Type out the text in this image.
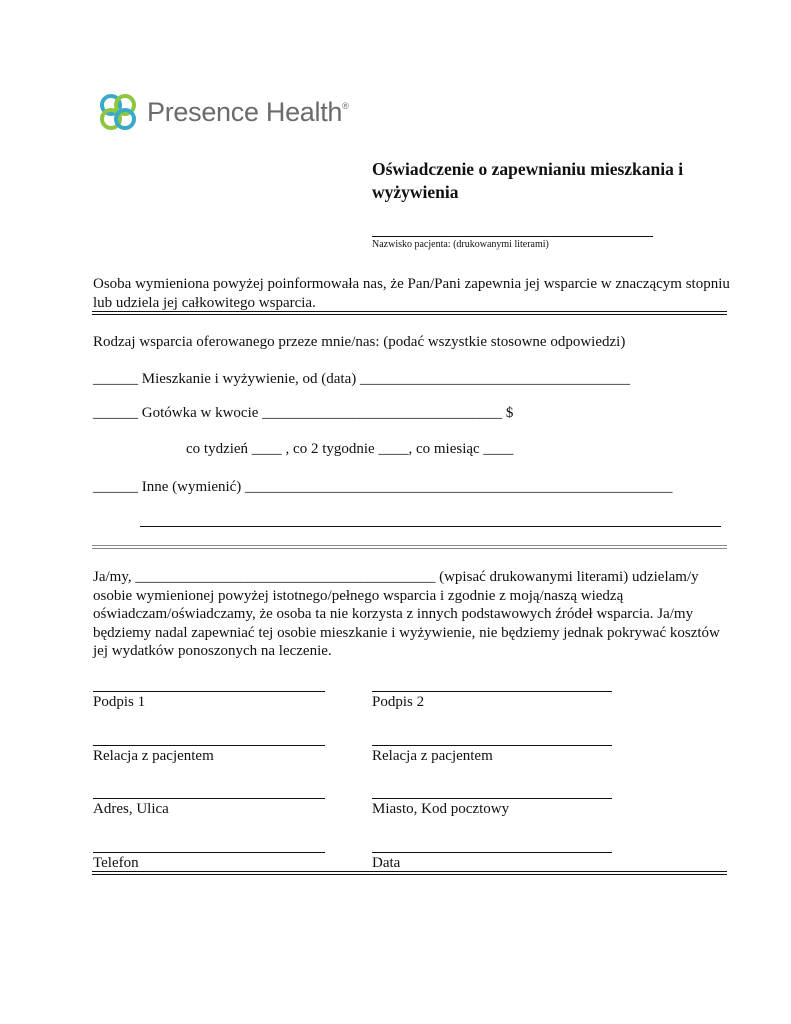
Presence Health®
Oświadczenie o zapewnianiu mieszkania i wyżywienia
Nazwisko pacjenta: (drukowanymi literami)
Osoba wymieniona powyżej poinformowała nas, że Pan/Pani zapewnia jej wsparcie w znaczącym stopniu lub udziela jej całkowitego wsparcia.
Rodzaj wsparcia oferowanego przeze mnie/nas: (podać wszystkie stosowne odpowiedzi)
______ Mieszkanie i wyżywienie, od (data) ____________________________________
______ Gotówka w kwocie ________________________________ $
co tydzień ____ , co 2 tygodnie ____, co miesiąc ____
______ Inne (wymienić) _________________________________________________________
Ja/my, ________________________________________ (wpisać drukowanymi literami) udzielam/y osobie wymienionej powyżej istotnego/pełnego wsparcia i zgodnie z moją/naszą wiedzą oświadczam/oświadczamy, że osoba ta nie korzysta z innych podstawowych źródeł wsparcia. Ja/my będziemy nadal zapewniać tej osobie mieszkanie i wyżywienie, nie będziemy jednak pokrywać kosztów jej wydatków ponoszonych na leczenie.
Podpis 1
Relacja z pacjentem
Adres, Ulica
Telefon
Podpis 2
Relacja z pacjentem
Miasto, Kod pocztowy
Data
